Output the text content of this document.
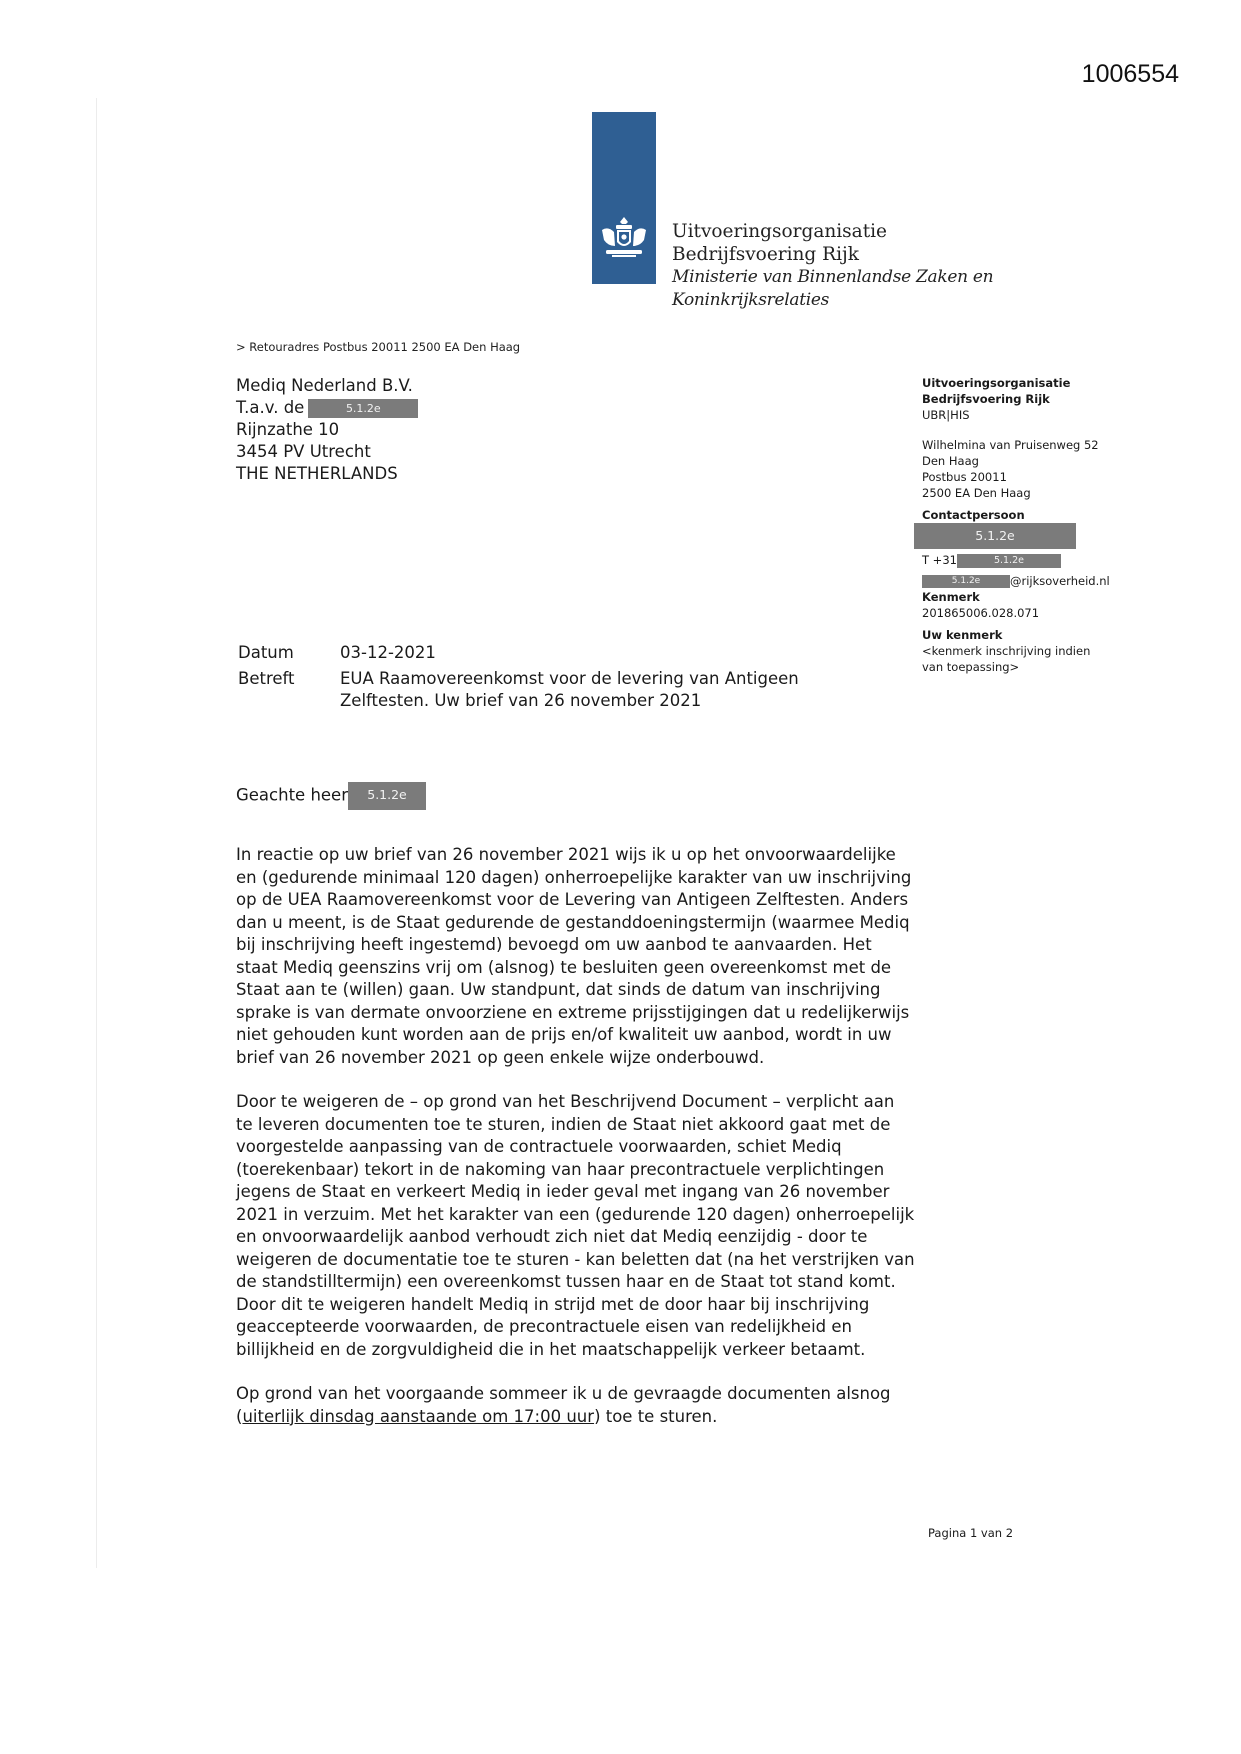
1006554
Uitvoeringsorganisatie
Bedrijfsvoering Rijk
Ministerie van Binnenlandse Zaken en
Koninkrijksrelaties
> Retouradres Postbus 20011 2500 EA Den Haag
Mediq Nederland B.V.
T.a.v. de	5.1.2e
Rijnzathe 10
3454 PV Utrecht
THE NETHERLANDS
Uitvoeringsorganisatie
Bedrijfsvoering Rijk
UBR|HIS
Wilhelmina van Pruisenweg 52
Den Haag
Postbus 20011
2500 EA Den Haag
Contactpersoon
5.1.2e
T +31	5.1.2e
5.1.2e	@rijksoverheid.nl
Kenmerk
201865006.028.071
Uw kenmerk
<kenmerk inschrijving indien van toepassing>
Datum	03-12-2021
Betreft	EUA Raamovereenkomst voor de levering van Antigeen Zelftesten. Uw brief van 26 november 2021
Geachte heer 5.1.2e

In reactie op uw brief van 26 november 2021 wijs ik u op het onvoorwaardelijke en (gedurende minimaal 120 dagen) onherroepelijke karakter van uw inschrijving op de UEA Raamovereenkomst voor de Levering van Antigeen Zelftesten. Anders dan u meent, is de Staat gedurende de gestanddoeningstermijn (waarmee Mediq bij inschrijving heeft ingestemd) bevoegd om uw aanbod te aanvaarden. Het staat Mediq geenszins vrij om (alsnog) te besluiten geen overeenkomst met de Staat aan te (willen) gaan. Uw standpunt, dat sinds de datum van inschrijving sprake is van dermate onvoorziene en extreme prijsstijgingen dat u redelijkerwijs niet gehouden kunt worden aan de prijs en/of kwaliteit uw aanbod, wordt in uw brief van 26 november 2021 op geen enkele wijze onderbouwd.

Door te weigeren de – op grond van het Beschrijvend Document – verplicht aan te leveren documenten toe te sturen, indien de Staat niet akkoord gaat met de voorgestelde aanpassing van de contractuele voorwaarden, schiet Mediq (toerekenbaar) tekort in de nakoming van haar precontractuele verplichtingen jegens de Staat en verkeert Mediq in ieder geval met ingang van 26 november 2021 in verzuim. Met het karakter van een (gedurende 120 dagen) onherroepelijk en onvoorwaardelijk aanbod verhoudt zich niet dat Mediq eenzijdig - door te weigeren de documentatie toe te sturen - kan beletten dat (na het verstrijken van de standstilltermijn) een overeenkomst tussen haar en de Staat tot stand komt. Door dit te weigeren handelt Mediq in strijd met de door haar bij inschrijving geaccepteerde voorwaarden, de precontractuele eisen van redelijkheid en billijkheid en de zorgvuldigheid die in het maatschappelijk verkeer betaamt.

Op grond van het voorgaande sommeer ik u de gevraagde documenten alsnog (uiterlijk dinsdag aanstaande om 17:00 uur) toe te sturen.

Pagina 1 van 2
